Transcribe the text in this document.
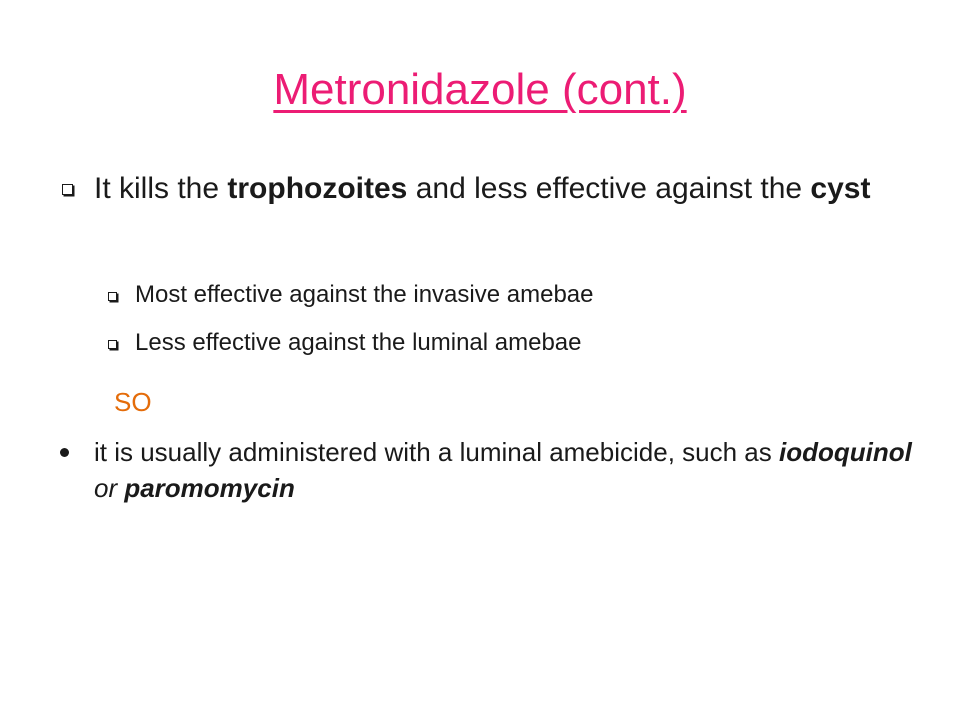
Metronidazole (cont.)
It kills the trophozoites and less effective against the cyst
Most effective against the invasive amebae
Less effective against the luminal amebae
SO
it is usually administered with a luminal amebicide, such as iodoquinol or paromomycin
